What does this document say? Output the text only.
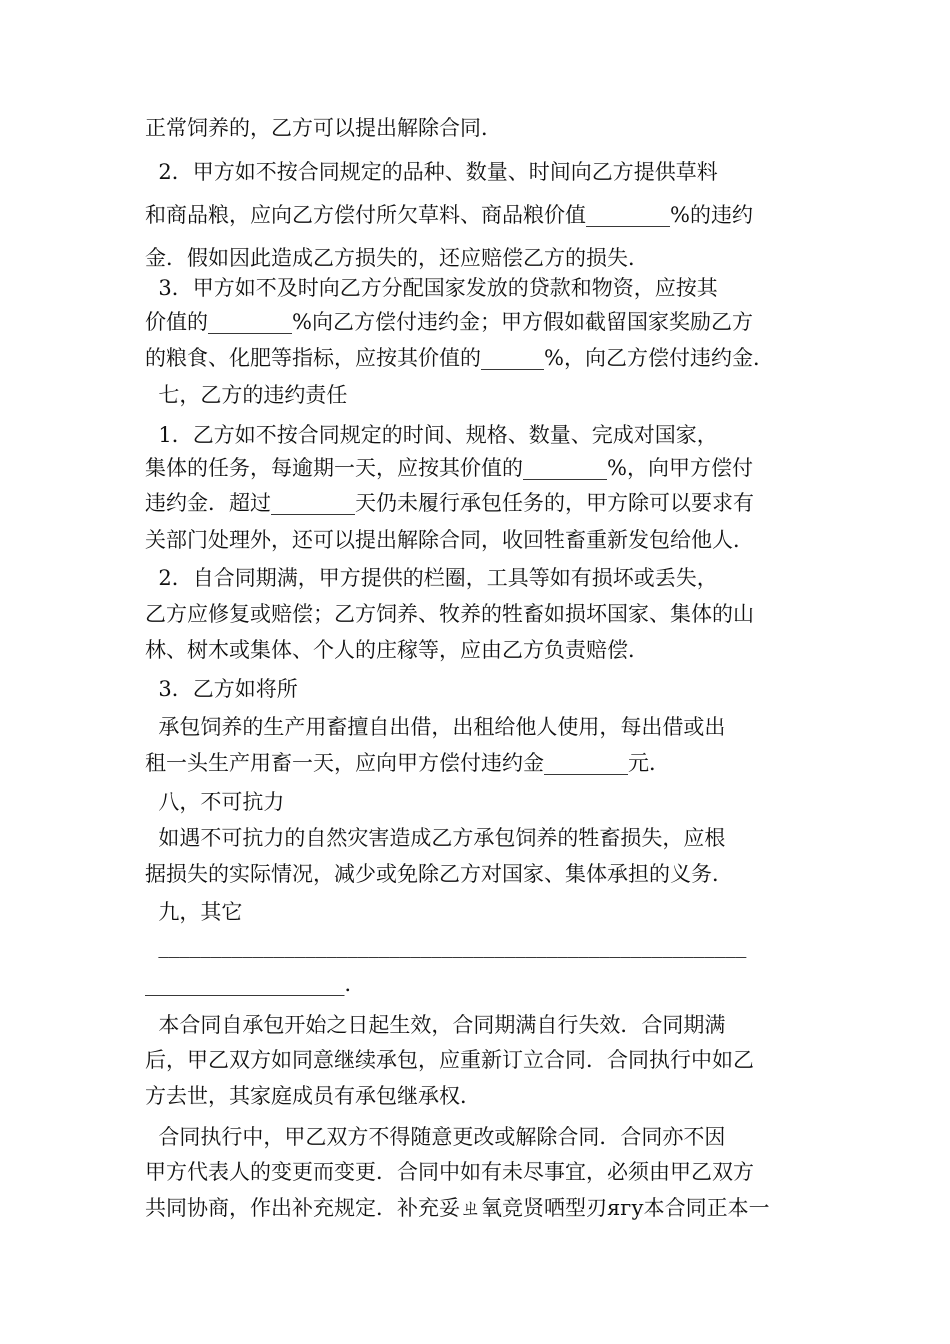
正常饲养的，乙方可以提出解除合同．
2．甲方如不按合同规定的品种、数量、时间向乙方提供草料
和商品粮，应向乙方偿付所欠草料、商品粮价值________%的违约
金．假如因此造成乙方损失的，还应赔偿乙方的损失．
3．甲方如不及时向乙方分配国家发放的贷款和物资，应按其
价值的________%向乙方偿付违约金；甲方假如截留国家奖励乙方
的粮食、化肥等指标，应按其价值的______%，向乙方偿付违约金．
七，乙方的违约责任
1．乙方如不按合同规定的时间、规格、数量、完成对国家，
集体的任务，每逾期一天，应按其价值的________%，向甲方偿付
违约金．超过________天仍未履行承包任务的，甲方除可以要求有
关部门处理外，还可以提出解除合同，收回牲畜重新发包给他人．
2．自合同期满，甲方提供的栏圈，工具等如有损坏或丢失，
乙方应修复或赔偿；乙方饲养、牧养的牲畜如损坏国家、集体的山
林、树木或集体、个人的庄稼等，应由乙方负责赔偿．
3．乙方如将所
承包饲养的生产用畜擅自出借，出租给他人使用，每出借或出
租一头生产用畜一天，应向甲方偿付违约金________元．
八，不可抗力
如遇不可抗力的自然灾害造成乙方承包饲养的牲畜损失，应根
据损失的实际情况，减少或免除乙方对国家、集体承担的义务．
九，其它
________________________________________________________
___________________．
本合同自承包开始之日起生效，合同期满自行失效．合同期满
后，甲乙双方如同意继续承包，应重新订立合同．合同执行中如乙
方去世，其家庭成员有承包继承权．
合同执行中，甲乙双方不得随意更改或解除合同．合同亦不因
甲方代表人的变更而变更．合同中如有未尽事宜，必须由甲乙双方
共同协商，作出补充规定．补充妥ㄓ氧竞贤哂型刃ягу本合同正本一
